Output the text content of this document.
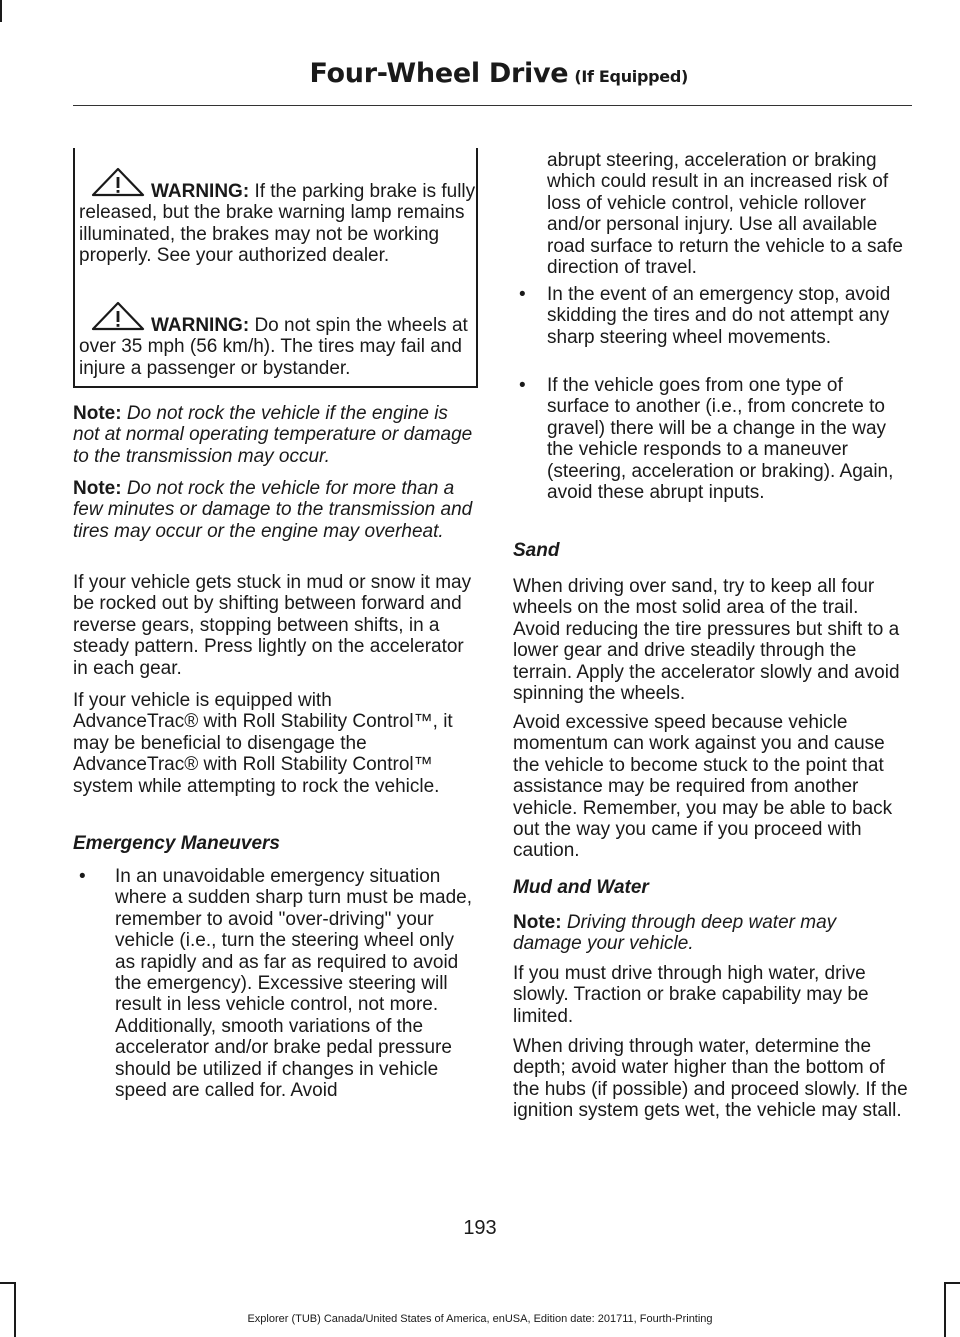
Four-Wheel Drive (If Equipped)

WARNING: If the parking brake is fully released, but the brake warning lamp remains illuminated, the brakes may not be working properly. See your authorized dealer.

WARNING: Do not spin the wheels at over 35 mph (56 km/h). The tires may fail and injure a passenger or bystander.

Note: Do not rock the vehicle if the engine is not at normal operating temperature or damage to the transmission may occur.

Note: Do not rock the vehicle for more than a few minutes or damage to the transmission and tires may occur or the engine may overheat.

If your vehicle gets stuck in mud or snow it may be rocked out by shifting between forward and reverse gears, stopping between shifts, in a steady pattern. Press lightly on the accelerator in each gear.

If your vehicle is equipped with AdvanceTrac® with Roll Stability Control™, it may be beneficial to disengage the AdvanceTrac® with Roll Stability Control™ system while attempting to rock the vehicle.

Emergency Maneuvers

• In an unavoidable emergency situation where a sudden sharp turn must be made, remember to avoid "over-driving" your vehicle (i.e., turn the steering wheel only as rapidly and as far as required to avoid the emergency). Excessive steering will result in less vehicle control, not more. Additionally, smooth variations of the accelerator and/or brake pedal pressure should be utilized if changes in vehicle speed are called for. Avoid

abrupt steering, acceleration or braking which could result in an increased risk of loss of vehicle control, vehicle rollover and/or personal injury. Use all available road surface to return the vehicle to a safe direction of travel.

• In the event of an emergency stop, avoid skidding the tires and do not attempt any sharp steering wheel movements.
• If the vehicle goes from one type of surface to another (i.e., from concrete to gravel) there will be a change in the way the vehicle responds to a maneuver (steering, acceleration or braking). Again, avoid these abrupt inputs.

Sand

When driving over sand, try to keep all four wheels on the most solid area of the trail. Avoid reducing the tire pressures but shift to a lower gear and drive steadily through the terrain. Apply the accelerator slowly and avoid spinning the wheels.

Avoid excessive speed because vehicle momentum can work against you and cause the vehicle to become stuck to the point that assistance may be required from another vehicle. Remember, you may be able to back out the way you came if you proceed with caution.

Mud and Water

Note: Driving through deep water may damage your vehicle.

If you must drive through high water, drive slowly. Traction or brake capability may be limited.

When driving through water, determine the depth; avoid water higher than the bottom of the hubs (if possible) and proceed slowly. If the ignition system gets wet, the vehicle may stall.

193
Explorer (TUB) Canada/United States of America, enUSA, Edition date: 201711, Fourth-Printing
